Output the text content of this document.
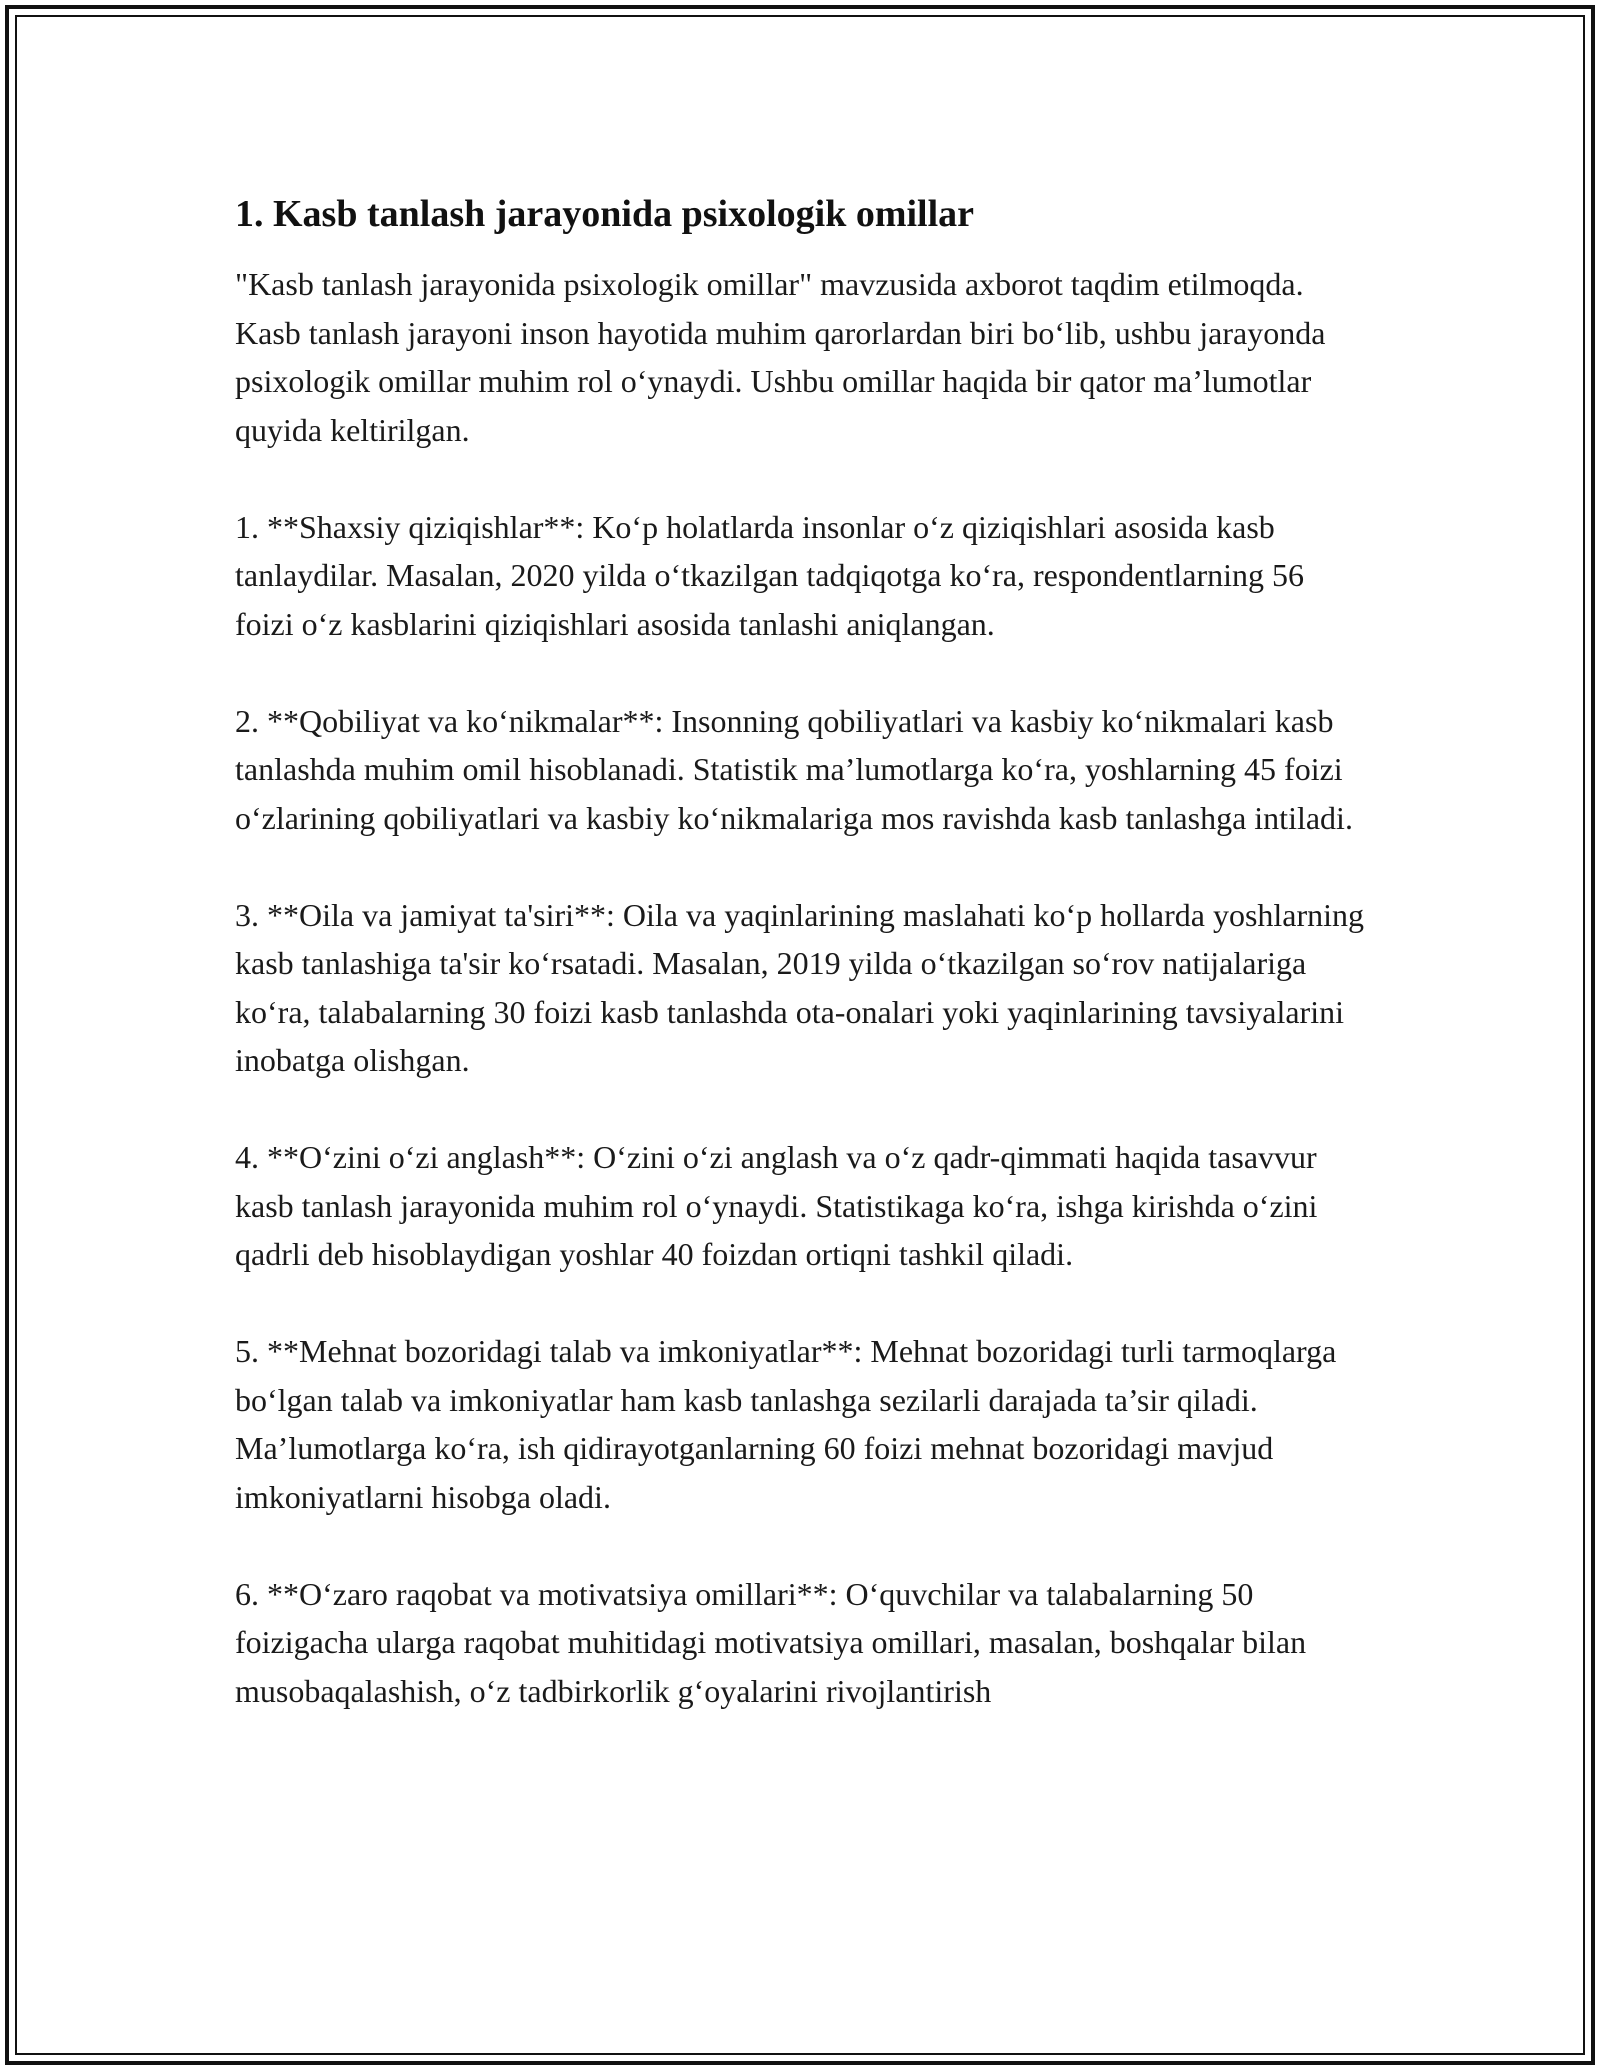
1. Kasb tanlash jarayonida psixologik omillar

"Kasb tanlash jarayonida psixologik omillar" mavzusida axborot taqdim etilmoqda. Kasb tanlash jarayoni inson hayotida muhim qarorlardan biri bo‘lib, ushbu jarayonda psixologik omillar muhim rol o‘ynaydi. Ushbu omillar haqida bir qator ma’lumotlar quyida keltirilgan.

1. **Shaxsiy qiziqishlar**: Ko‘p holatlarda insonlar o‘z qiziqishlari asosida kasb tanlaydilar. Masalan, 2020 yilda o‘tkazilgan tadqiqotga ko‘ra, respondentlarning 56 foizi o‘z kasblarini qiziqishlari asosida tanlashi aniqlangan.

2. **Qobiliyat va ko‘nikmalar**: Insonning qobiliyatlari va kasbiy ko‘nikmalari kasb tanlashda muhim omil hisoblanadi. Statistik ma’lumotlarga ko‘ra, yoshlarning 45 foizi o‘zlarining qobiliyatlari va kasbiy ko‘nikmalariga mos ravishda kasb tanlashga intiladi.

3. **Oila va jamiyat ta'siri**: Oila va yaqinlarining maslahati ko‘p hollarda yoshlarning kasb tanlashiga ta'sir ko‘rsatadi. Masalan, 2019 yilda o‘tkazilgan so‘rov natijalariga ko‘ra, talabalarning 30 foizi kasb tanlashda ota-onalari yoki yaqinlarining tavsiyalarini inobatga olishgan.

4. **O‘zini o‘zi anglash**: O‘zini o‘zi anglash va o‘z qadr-qimmati haqida tasavvur kasb tanlash jarayonida muhim rol o‘ynaydi. Statistikaga ko‘ra, ishga kirishda o‘zini qadrli deb hisoblaydigan yoshlar 40 foizdan ortiqni tashkil qiladi.

5. **Mehnat bozoridagi talab va imkoniyatlar**: Mehnat bozoridagi turli tarmoqlarga bo‘lgan talab va imkoniyatlar ham kasb tanlashga sezilarli darajada ta’sir qiladi. Ma’lumotlarga ko‘ra, ish qidirayotganlarning 60 foizi mehnat bozoridagi mavjud imkoniyatlarni hisobga oladi.

6. **O‘zaro raqobat va motivatsiya omillari**: O‘quvchilar va talabalarning 50 foizigacha ularga raqobat muhitidagi motivatsiya omillari, masalan, boshqalar bilan musobaqalashish, o‘z tadbirkorlik g‘oyalarini rivojlantirish
